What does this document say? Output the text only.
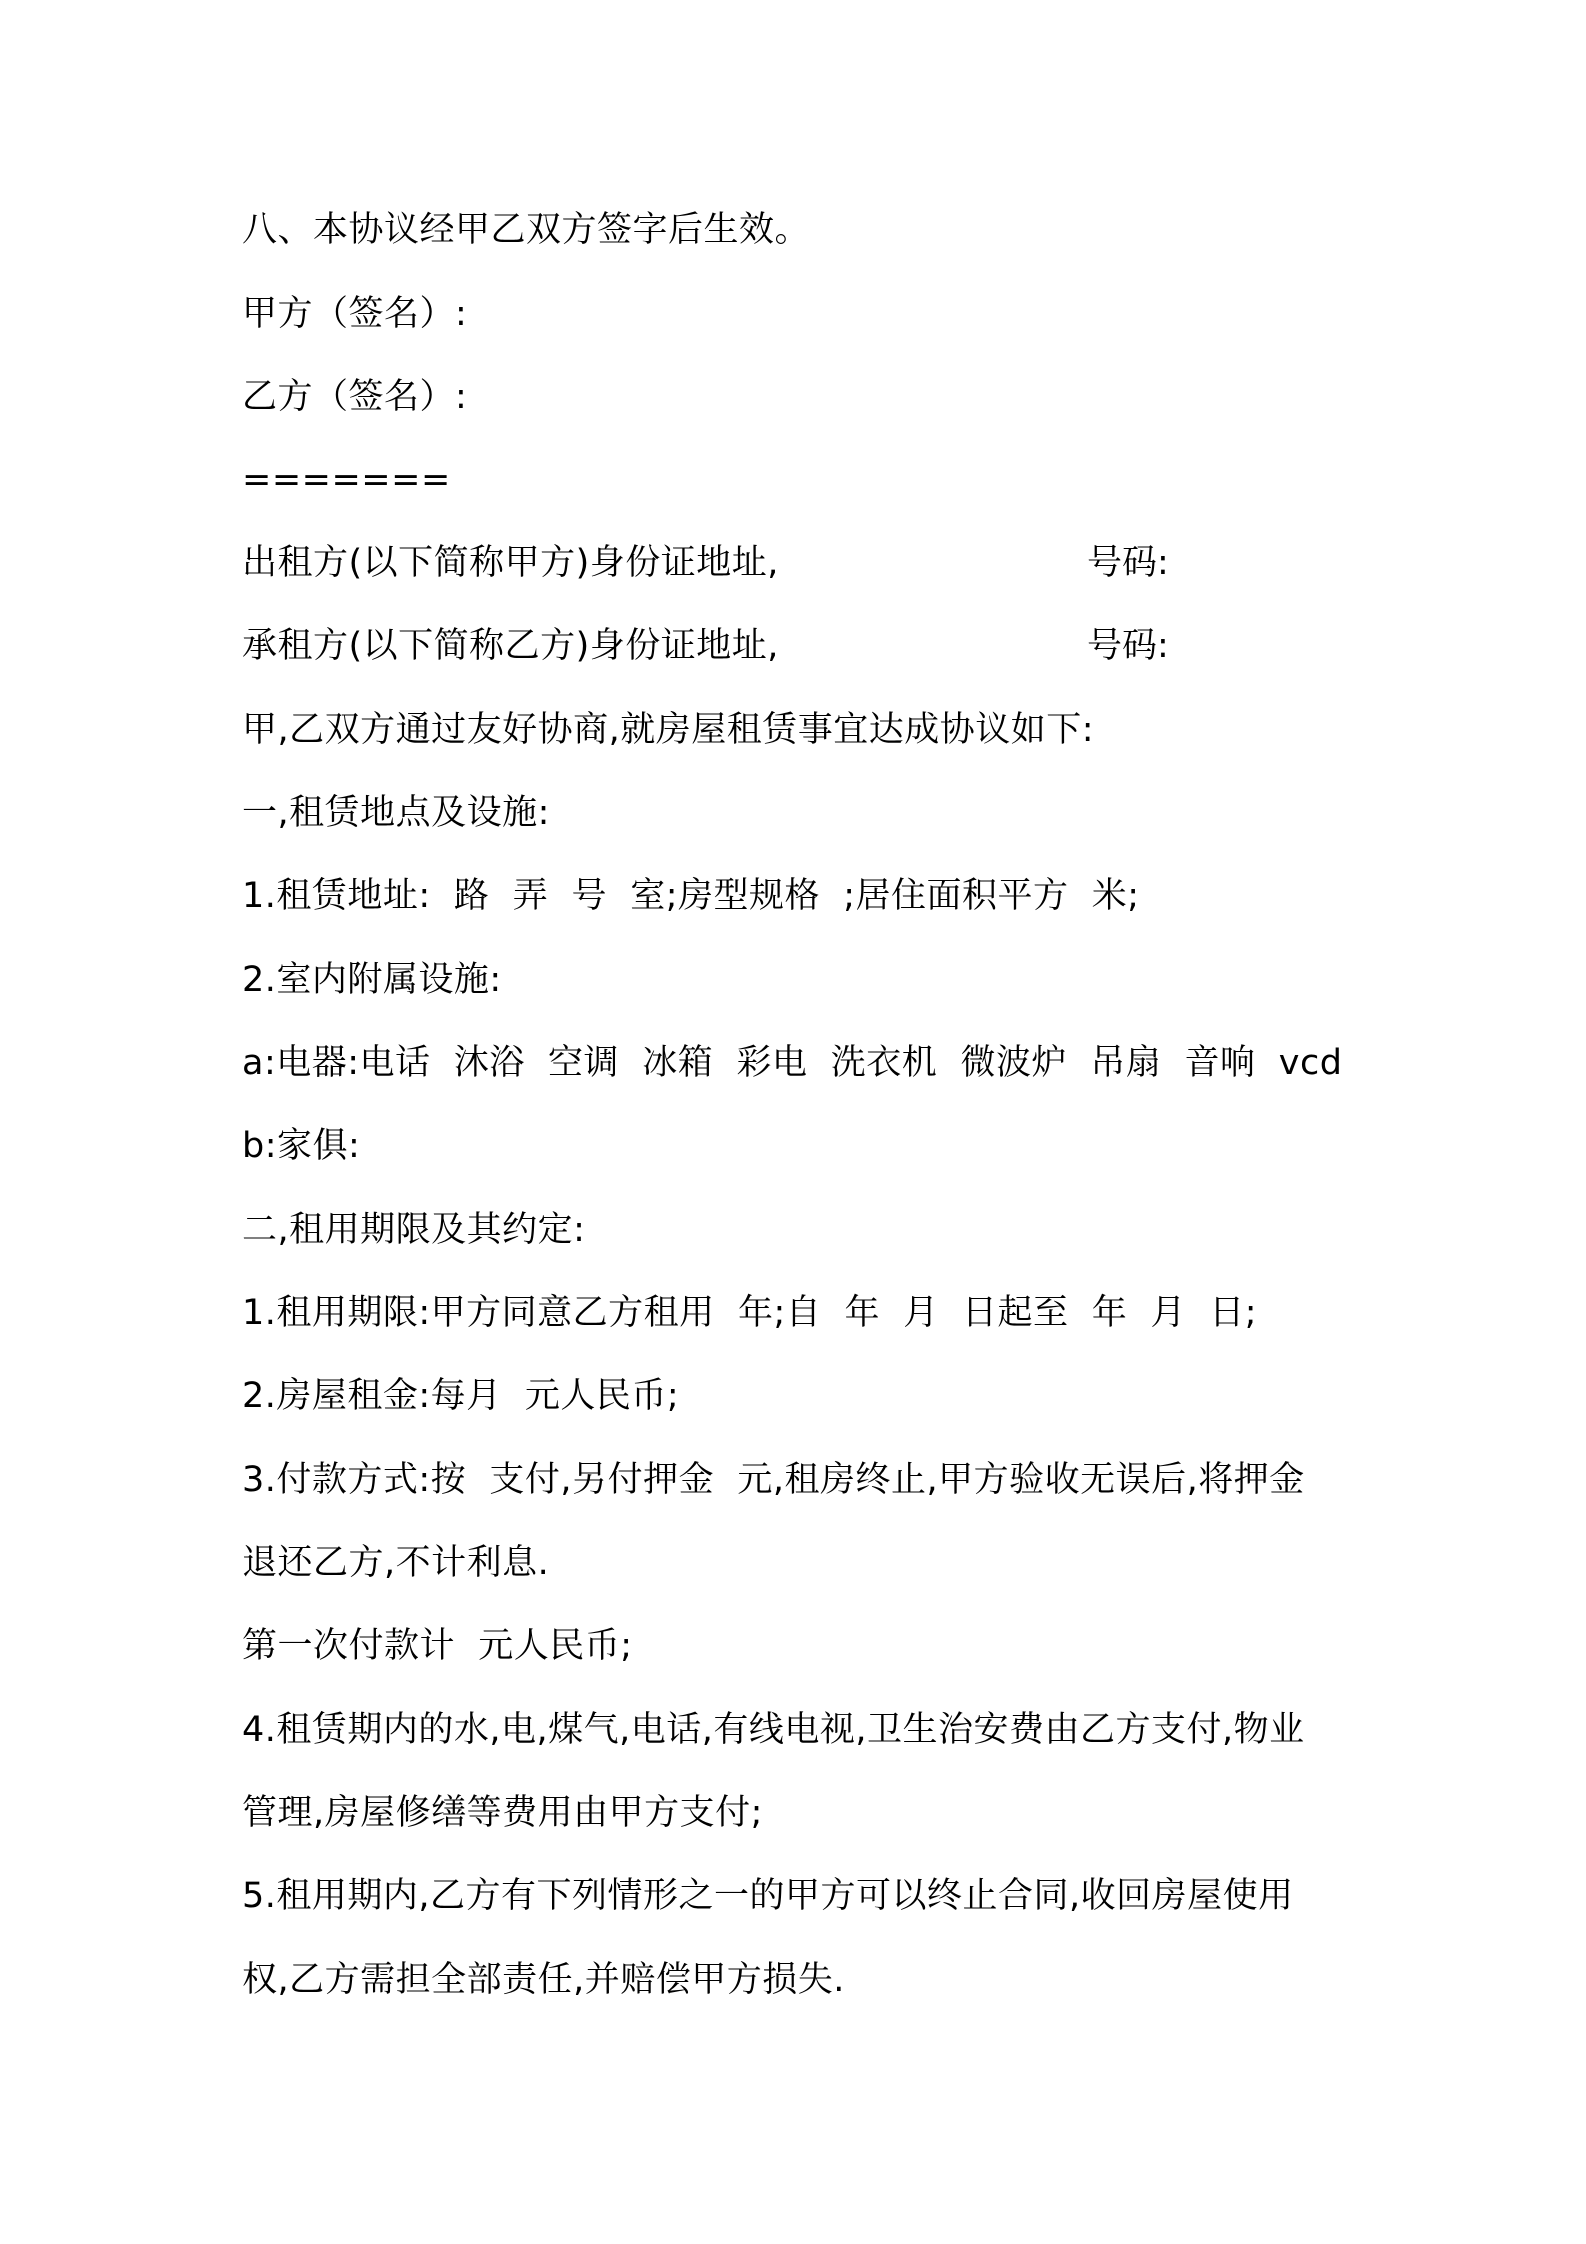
八、本协议经甲乙双方签字后生效。
甲方（签名）:
乙方（签名）:
=======
出租方(以下简称甲方)身份证地址,	号码:
承租方(以下简称乙方)身份证地址,	号码:
甲,乙双方通过友好协商,就房屋租赁事宜达成协议如下:
一,租赁地点及设施:
1.租赁地址:  路  弄  号  室;房型规格  ;居住面积平方  米;
2.室内附属设施:
a:电器:电话  沐浴  空调  冰箱  彩电  洗衣机  微波炉  吊扇  音响  vcd
b:家俱:
二,租用期限及其约定:
1.租用期限:甲方同意乙方租用  年;自  年  月  日起至  年  月  日;
2.房屋租金:每月  元人民币;
3.付款方式:按  支付,另付押金  元,租房终止,甲方验收无误后,将押金
退还乙方,不计利息.
第一次付款计  元人民币;
4.租赁期内的水,电,煤气,电话,有线电视,卫生治安费由乙方支付,物业
管理,房屋修缮等费用由甲方支付;
5.租用期内,乙方有下列情形之一的甲方可以终止合同,收回房屋使用
权,乙方需担全部责任,并赔偿甲方损失.
